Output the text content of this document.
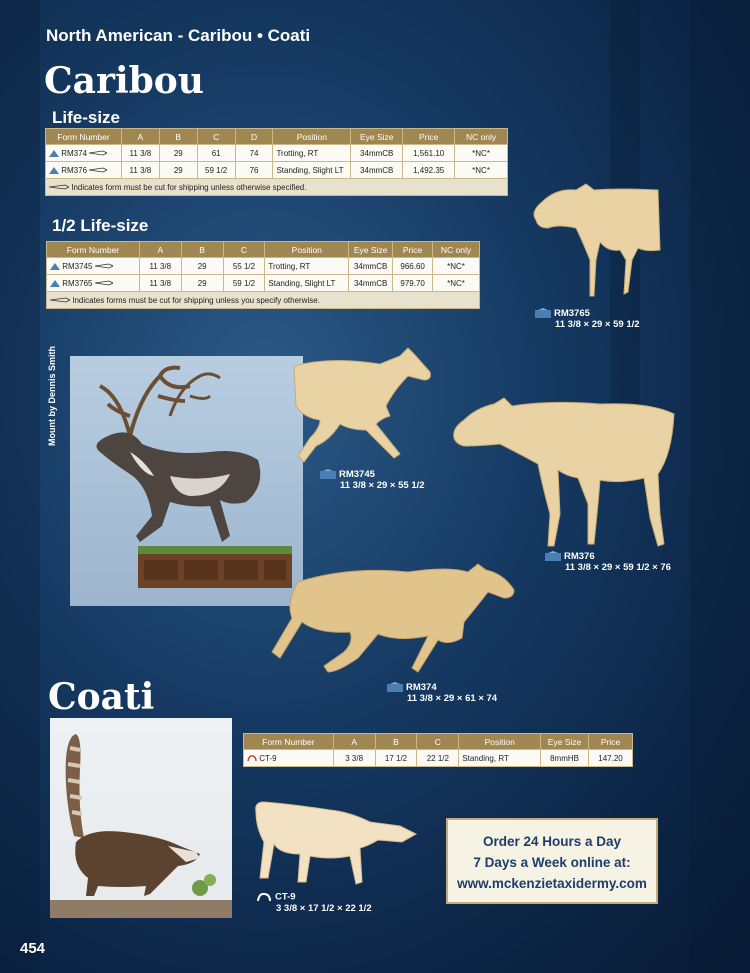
North American - Caribou • Coati
Caribou
Life-size
Form Number	A	B	C	D	Position	Eye Size	Price	NC only
RM374	11 3/8	29	61	74	Trotting, RT	34mmCB	1,561.10	*NC*
RM376	11 3/8	29	59 1/2	76	Standing, Slight LT	34mmCB	1,492.35	*NC*
Indicates form must be cut for shipping unless otherwise specified.								
1/2 Life-size
Form Number	A	B	C	Position	Eye Size	Price	NC only
RM3745	11 3/8	29	55 1/2	Trotting, RT	34mmCB	966.60	*NC*
RM3765	11 3/8	29	59 1/2	Standing, Slight LT	34mmCB	979.70	*NC*
Indicates forms must be cut for shipping unless you specify otherwise.							
RM3765
11 3/8 × 29 × 59 1/2
Mount by Dennis Smith
RM3745
11 3/8 × 29 × 55 1/2
RM376
11 3/8 × 29 × 59 1/2 × 76
RM374
11 3/8 × 29 × 61 × 74
Coati
Form Number	A	B	C	Position	Eye Size	Price
CT-9	3 3/8	17 1/2	22 1/2	Standing, RT	8mmHB	147.20
CT-9
3 3/8 × 17 1/2 × 22 1/2
Order 24 Hours a Day
7 Days a Week online at:
www.mckenzietaxidermy.com
454
